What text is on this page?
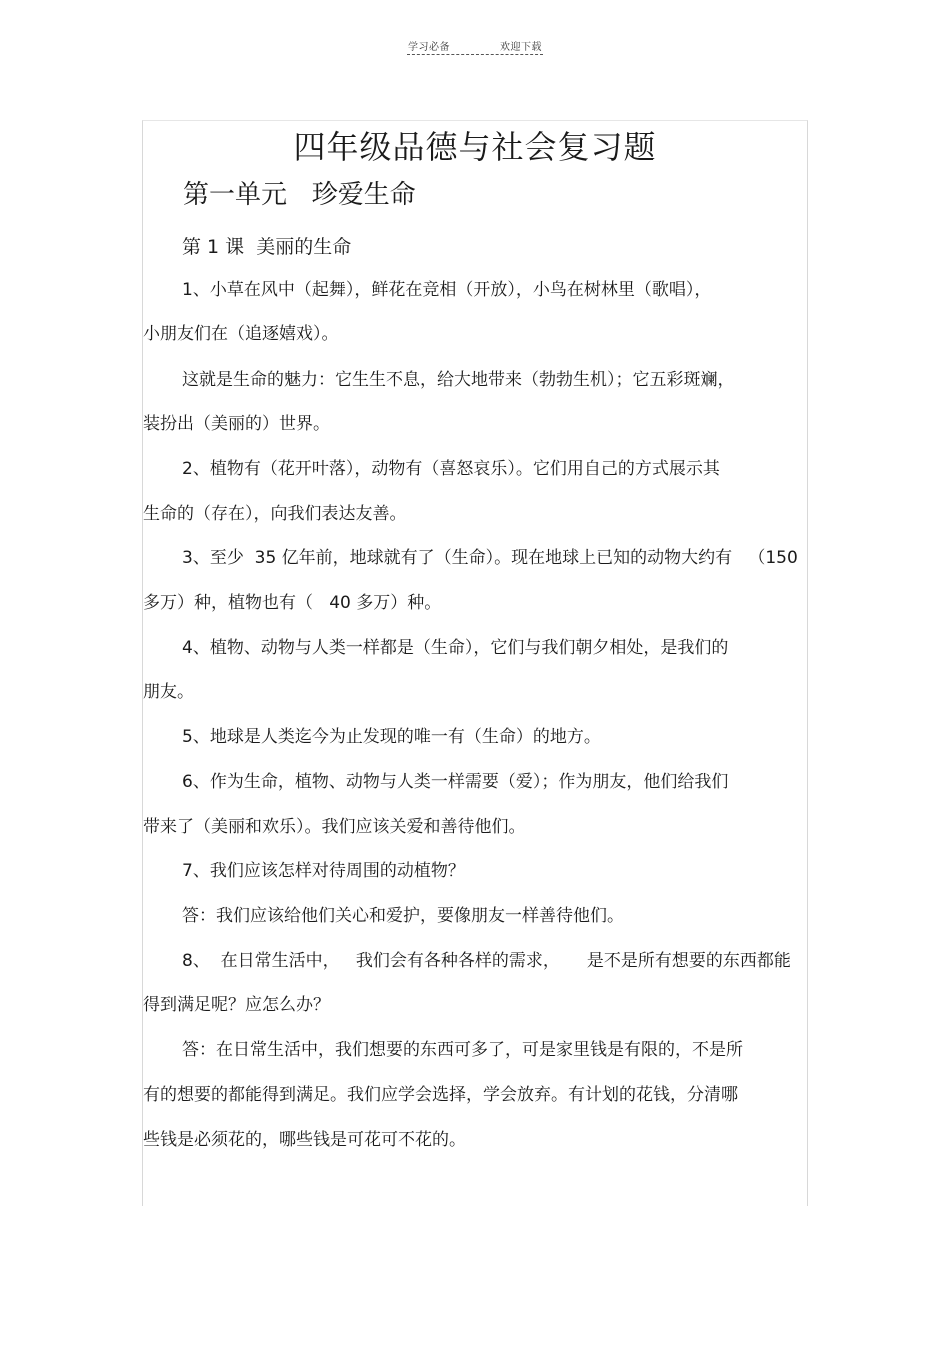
学习必备	欢迎下载
四年级品德与社会复习题
第一单元   珍爱生命
第 1 课  美丽的生命
1、小草在风中（起舞），鲜花在竞相（开放），小鸟在树林里（歌唱），
小朋友们在（追逐嬉戏）。
这就是生命的魅力：它生生不息，给大地带来（勃勃生机）；它五彩斑斓，
装扮出（美丽的）世界。
2、植物有（花开叶落），动物有（喜怒哀乐）。它们用自己的方式展示其
生命的（存在），向我们表达友善。
3、至少  35 亿年前，地球就有了（生命）。现在地球上已知的动物大约有   （150
多万）种，植物也有（   40 多万）种。
4、植物、动物与人类一样都是（生命），它们与我们朝夕相处，是我们的
朋友。
5、地球是人类迄今为止发现的唯一有（生命）的地方。
6、作为生命，植物、动物与人类一样需要（爱）；作为朋友，他们给我们
带来了（美丽和欢乐）。我们应该关爱和善待他们。
7、我们应该怎样对待周围的动植物？
答：我们应该给他们关心和爱护，要像朋友一样善待他们。
8、  在日常生活中，   我们会有各种各样的需求，     是不是所有想要的东西都能
得到满足呢？应怎么办？
答：在日常生活中，我们想要的东西可多了，可是家里钱是有限的，不是所
有的想要的都能得到满足。我们应学会选择，学会放弃。有计划的花钱，分清哪
些钱是必须花的，哪些钱是可花可不花的。
